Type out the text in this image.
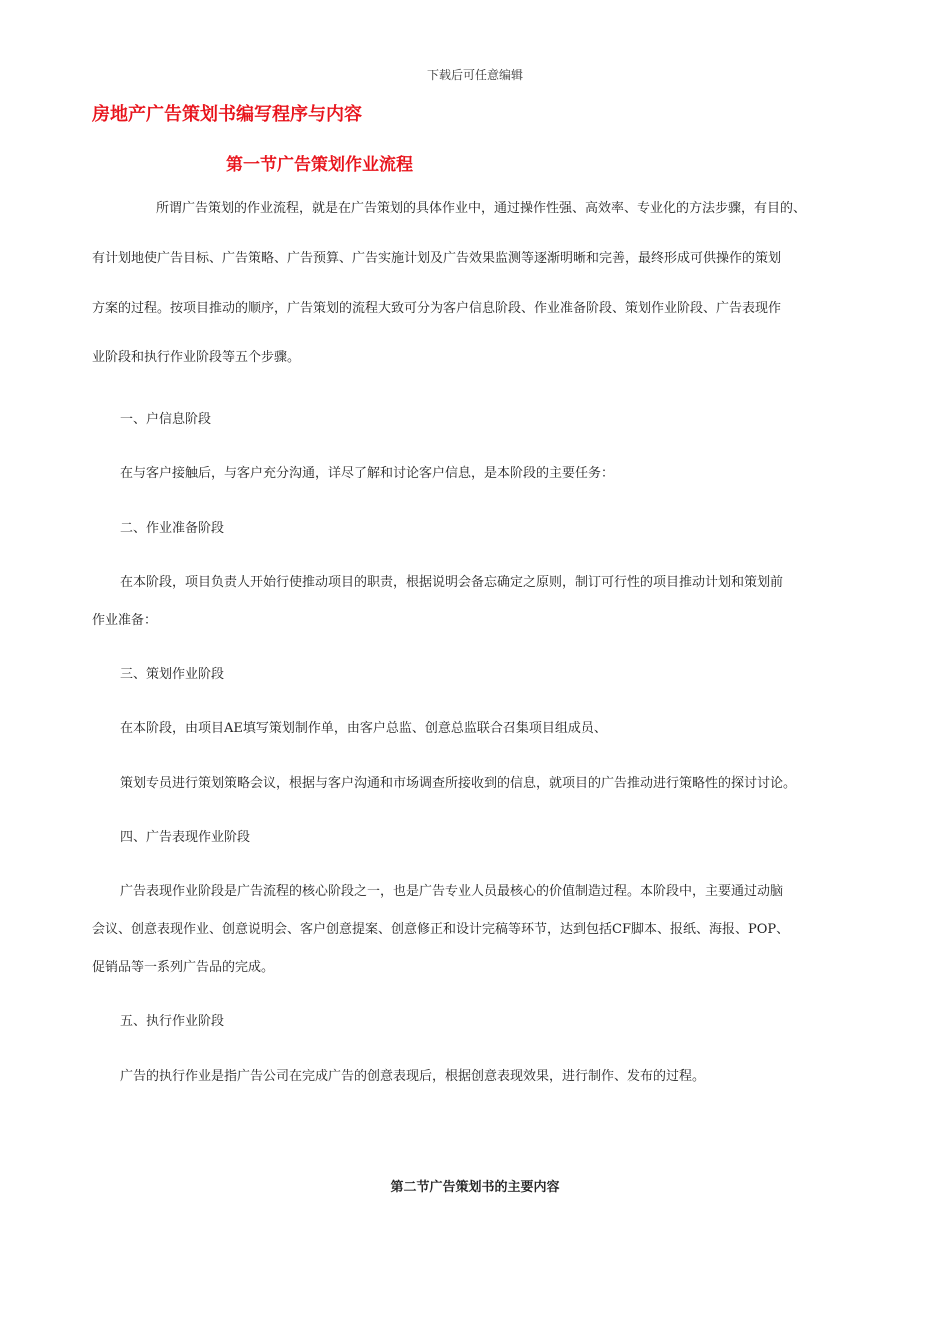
下载后可任意编辑
房地产广告策划书编写程序与内容
第一节广告策划作业流程
所谓广告策划的作业流程，就是在广告策划的具体作业中，通过操作性强、高效率、专业化的方法步骤，有目的、
有计划地使广告目标、广告策略、广告预算、广告实施计划及广告效果监测等逐渐明晰和完善，最终形成可供操作的策划
方案的过程。按项目推动的顺序，广告策划的流程大致可分为客户信息阶段、作业准备阶段、策划作业阶段、广告表现作
业阶段和执行作业阶段等五个步骤。
一、户信息阶段
在与客户接触后，与客户充分沟通，详尽了解和讨论客户信息，是本阶段的主要任务：
二、作业准备阶段
在本阶段，项目负责人开始行使推动项目的职责，根据说明会备忘确定之原则，制订可行性的项目推动计划和策划前
作业准备：
三、策划作业阶段
在本阶段，由项目AE填写策划制作单，由客户总监、创意总监联合召集项目组成员、
策划专员进行策划策略会议，根据与客户沟通和市场调查所接收到的信息，就项目的广告推动进行策略性的探讨讨论。
四、广告表现作业阶段
广告表现作业阶段是广告流程的核心阶段之一，也是广告专业人员最核心的价值制造过程。本阶段中，主要通过动脑
会议、创意表现作业、创意说明会、客户创意提案、创意修正和设计完稿等环节，达到包括CF脚本、报纸、海报、POP、
促销品等一系列广告品的完成。
五、执行作业阶段
广告的执行作业是指广告公司在完成广告的创意表现后，根据创意表现效果，进行制作、发布的过程。
第二节广告策划书的主要内容
